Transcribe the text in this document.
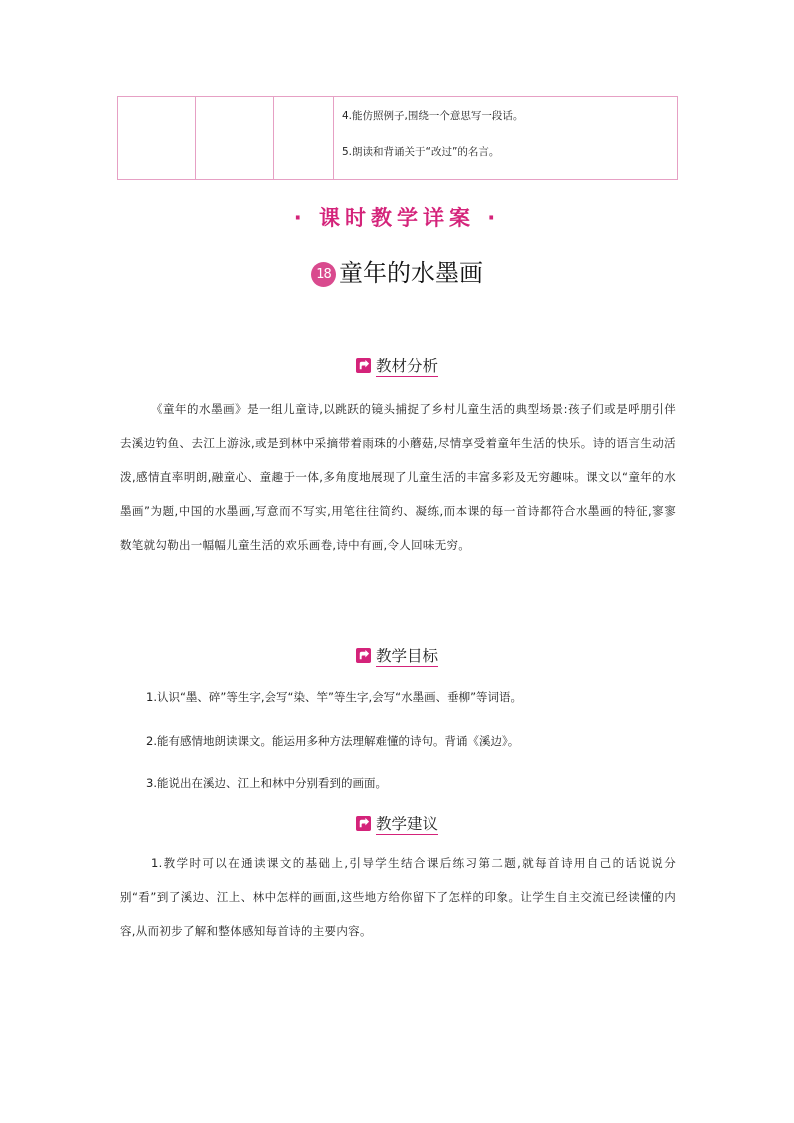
4.能仿照例子,围绕一个意思写一段话。
5.朗读和背诵关于“改过”的名言。
· 课时教学详案 ·
18 童年的水墨画
教材分析
《童年的水墨画》是一组儿童诗,以跳跃的镜头捕捉了乡村儿童生活的典型场景:孩子们或是呼朋引伴去溪边钓鱼、去江上游泳,或是到林中采摘带着雨珠的小蘑菇,尽情享受着童年生活的快乐。诗的语言生动活泼,感情直率明朗,融童心、童趣于一体,多角度地展现了儿童生活的丰富多彩及无穷趣味。课文以“童年的水墨画”为题,中国的水墨画,写意而不写实,用笔往往简约、凝练,而本课的每一首诗都符合水墨画的特征,寥寥数笔就勾勒出一幅幅儿童生活的欢乐画卷,诗中有画,令人回味无穷。
教学目标
1.认识“墨、碎”等生字,会写“染、竿”等生字,会写“水墨画、垂柳”等词语。
2.能有感情地朗读课文。能运用多种方法理解难懂的诗句。背诵《溪边》。
3.能说出在溪边、江上和林中分别看到的画面。
教学建议
1.教学时可以在通读课文的基础上,引导学生结合课后练习第二题,就每首诗用自己的话说说分别“看”到了溪边、江上、林中怎样的画面,这些地方给你留下了怎样的印象。让学生自主交流已经读懂的内容,从而初步了解和整体感知每首诗的主要内容。
